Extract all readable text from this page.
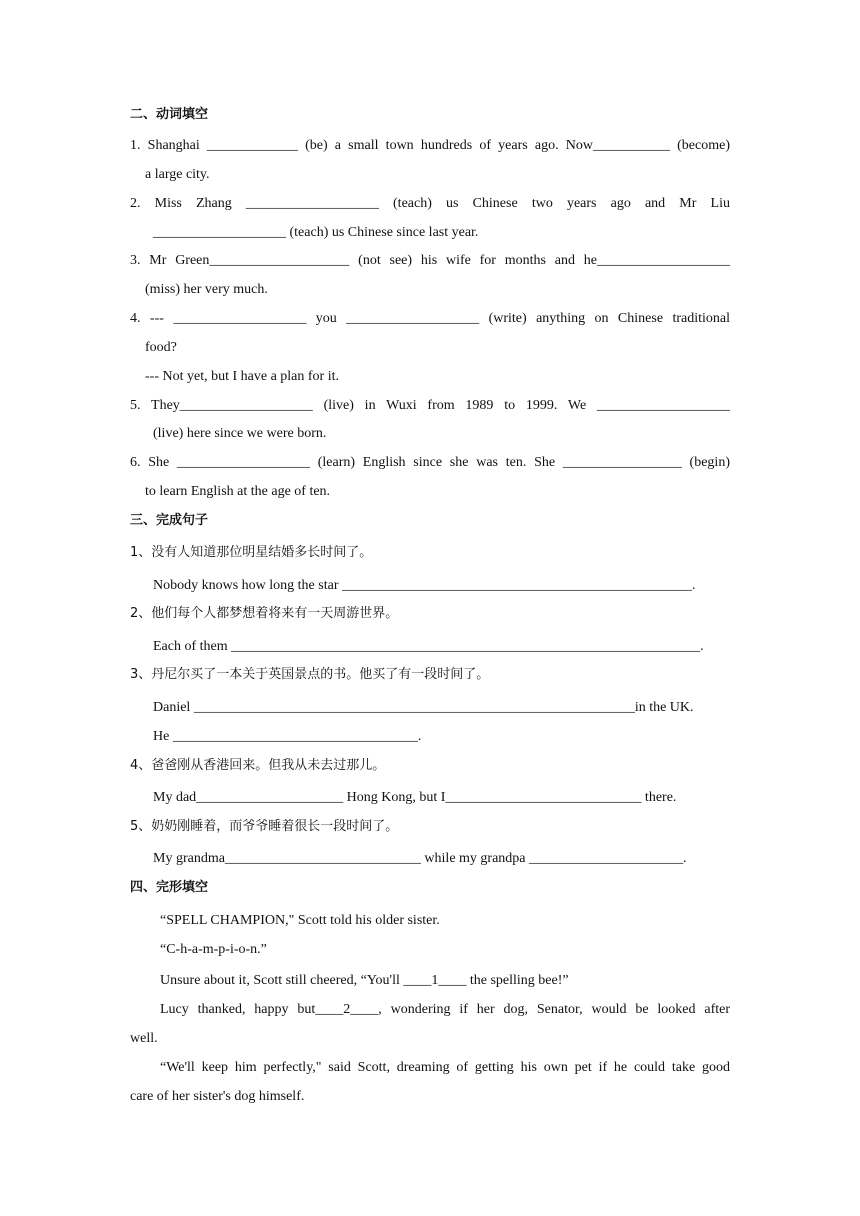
二、动词填空
1. Shanghai _____________ (be) a small town hundreds of years ago. Now___________ (become)
a large city.
2. Miss Zhang ___________________ (teach) us Chinese two years ago and Mr Liu
___________________ (teach) us Chinese since last year.
3. Mr Green____________________ (not see) his wife for months and he___________________
(miss) her very much.
4. --- ___________________ you ___________________ (write) anything on Chinese traditional
food?
--- Not yet, but I have a plan for it.
5. They___________________ (live) in Wuxi from 1989 to 1999. We ___________________
(live) here since we were born.
6. She ___________________ (learn) English since she was ten. She _________________ (begin)
to learn English at the age of ten.
三、完成句子
1、没有人知道那位明星结婚多长时间了。
Nobody knows how long the star __________________________________________________.
2、他们每个人都梦想着将来有一天周游世界。
Each of them ___________________________________________________________________.
3、丹尼尔买了一本关于英国景点的书。他买了有一段时间了。
Daniel _______________________________________________________________in the UK.
He ___________________________________.
4、爸爸刚从香港回来。但我从未去过那儿。
My dad_____________________ Hong Kong, but I____________________________ there.
5、奶奶刚睡着，而爷爷睡着很长一段时间了。
My grandma____________________________ while my grandpa ______________________.
四、完形填空
“SPELL CHAMPION," Scott told his older sister.
“C-h-a-m-p-i-o-n.”
Unsure about it, Scott still cheered, “You'll ____1____ the spelling bee!”
Lucy thanked, happy but____2____, wondering if her dog, Senator, would be looked after
well.
“We'll keep him perfectly," said Scott, dreaming of getting his own pet if he could take good
care of her sister's dog himself.
